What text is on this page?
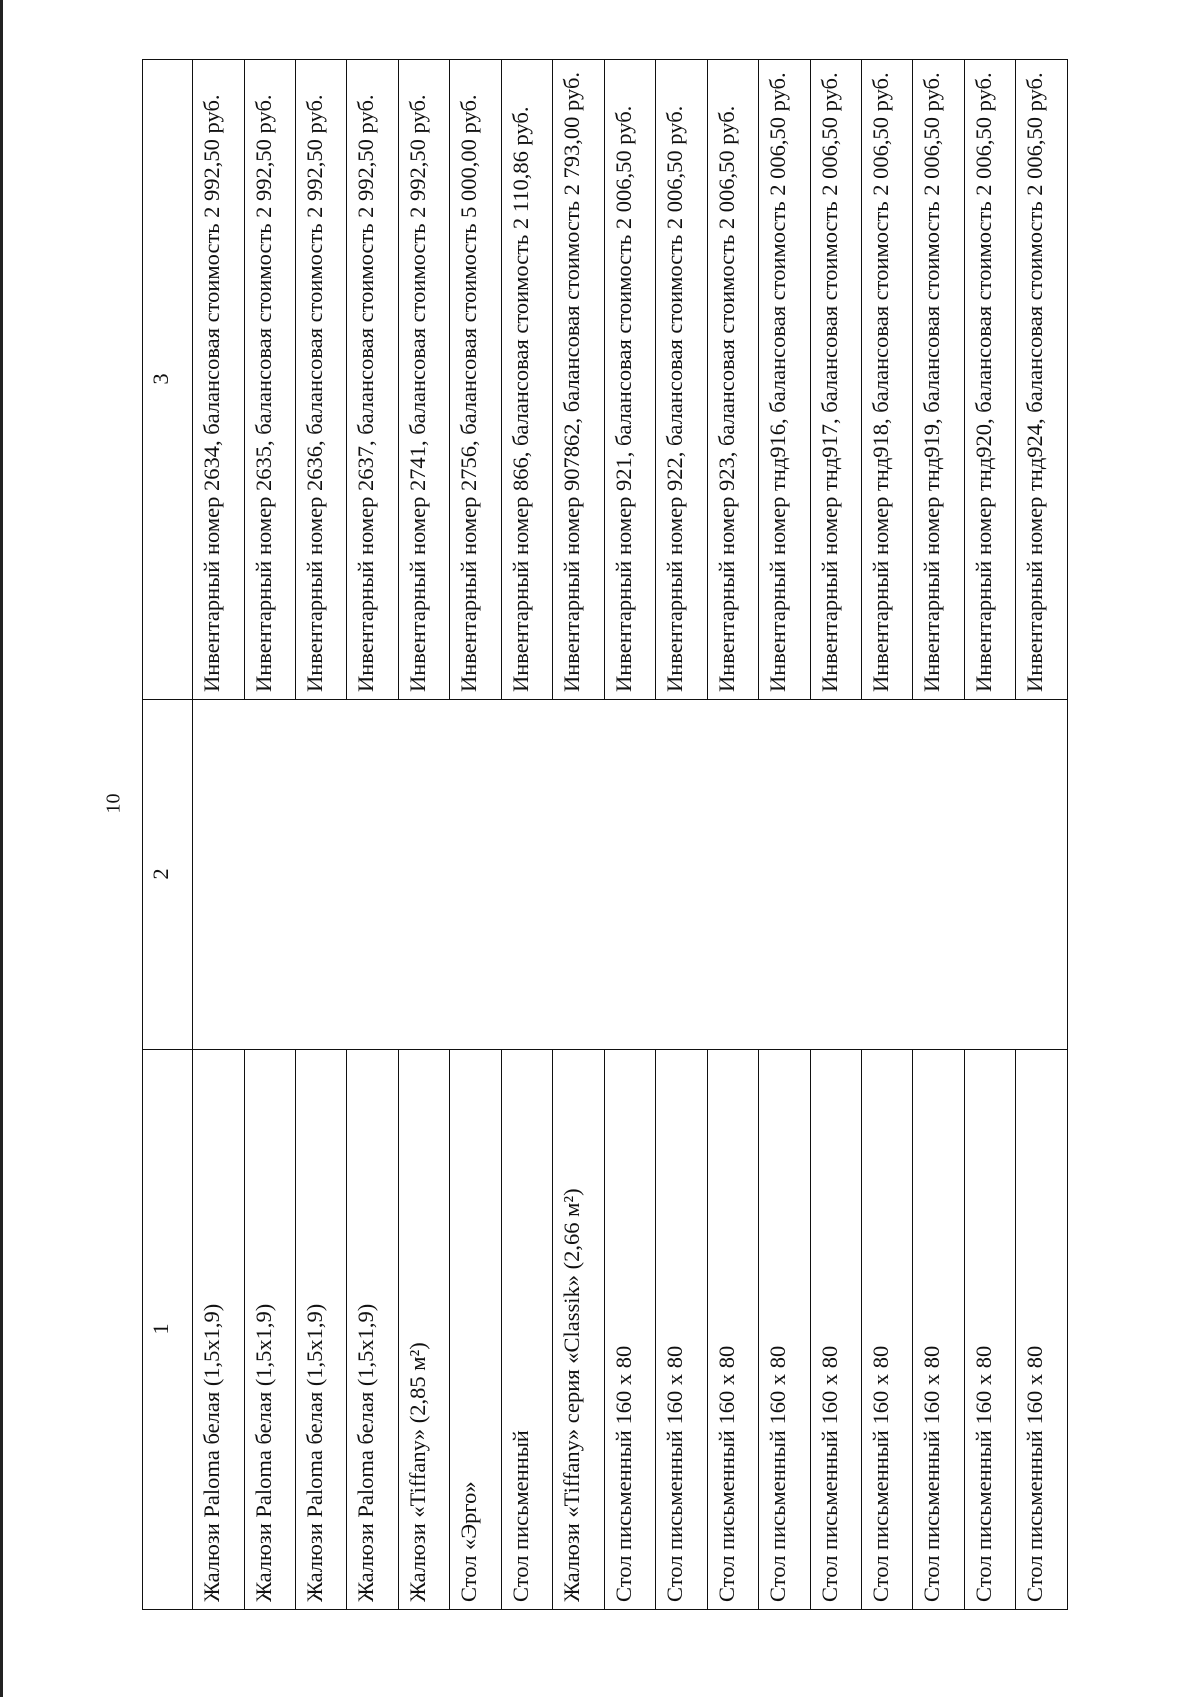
10
1	2	3
Жалюзи Paloma белая (1,5x1,9)		Инвентарный номер 2634, балансовая стоимость 2 992,50 руб.
Жалюзи Paloma белая (1,5x1,9)		Инвентарный номер 2635, балансовая стоимость 2 992,50 руб.
Жалюзи Paloma белая (1,5x1,9)		Инвентарный номер 2636, балансовая стоимость 2 992,50 руб.
Жалюзи Paloma белая (1,5x1,9)		Инвентарный номер 2637, балансовая стоимость 2 992,50 руб.
Жалюзи «Tiffany» (2,85 м²)		Инвентарный номер 2741, балансовая стоимость 2 992,50 руб.
Стол «Эрго»		Инвентарный номер 2756, балансовая стоимость 5 000,00 руб.
Стол письменный		Инвентарный номер 866, балансовая стоимость 2 110,86 руб.
Жалюзи «Tiffany» серия «Classik» (2,66 м²)		Инвентарный номер 907862, балансовая стоимость 2 793,00 руб.
Стол письменный 160 x 80		Инвентарный номер 921, балансовая стоимость 2 006,50 руб.
Стол письменный 160 x 80		Инвентарный номер 922, балансовая стоимость 2 006,50 руб.
Стол письменный 160 x 80		Инвентарный номер 923, балансовая стоимость 2 006,50 руб.
Стол письменный 160 x 80		Инвентарный номер тнд916, балансовая стоимость 2 006,50 руб.
Стол письменный 160 x 80		Инвентарный номер тнд917, балансовая стоимость 2 006,50 руб.
Стол письменный 160 x 80		Инвентарный номер тнд918, балансовая стоимость 2 006,50 руб.
Стол письменный 160 x 80		Инвентарный номер тнд919, балансовая стоимость 2 006,50 руб.
Стол письменный 160 x 80		Инвентарный номер тнд920, балансовая стоимость 2 006,50 руб.
Стол письменный 160 x 80		Инвентарный номер тнд924, балансовая стоимость 2 006,50 руб.
